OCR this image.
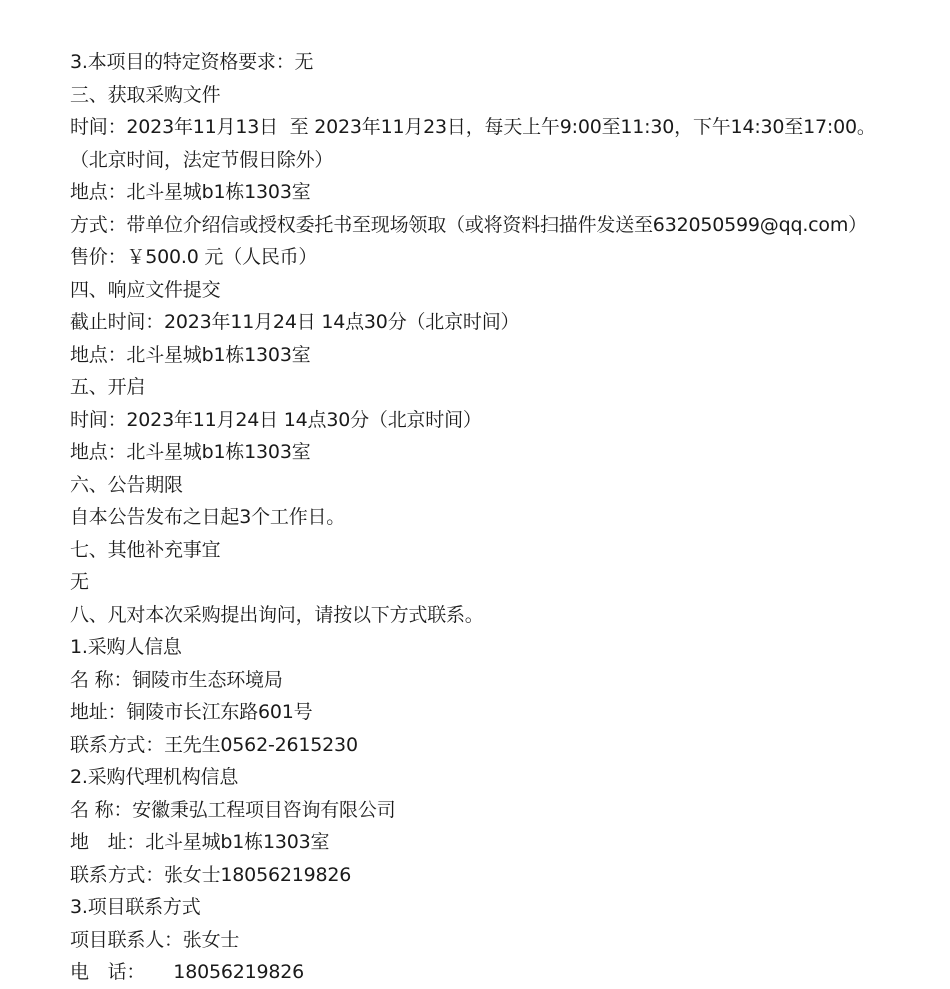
3.本项目的特定资格要求：无
三、获取采购文件
时间：2023年11月13日  至 2023年11月23日，每天上午9:00至11:30，下午14:30至17:00。
（北京时间，法定节假日除外）
地点：北斗星城b1栋1303室
方式：带单位介绍信或授权委托书至现场领取（或将资料扫描件发送至632050599@qq.com）
售价：￥500.0 元（人民币）
四、响应文件提交
截止时间：2023年11月24日 14点30分（北京时间）
地点：北斗星城b1栋1303室
五、开启
时间：2023年11月24日 14点30分（北京时间）
地点：北斗星城b1栋1303室
六、公告期限
自本公告发布之日起3个工作日。
七、其他补充事宜
无
八、凡对本次采购提出询问，请按以下方式联系。
1.采购人信息
名 称：铜陵市生态环境局
地址：铜陵市长江东路601号
联系方式：王先生0562-2615230
2.采购代理机构信息
名 称：安徽秉弘工程项目咨询有限公司
地　址：北斗星城b1栋1303室
联系方式：张女士18056219826
3.项目联系方式
项目联系人：张女士
电　话：　　18056219826
